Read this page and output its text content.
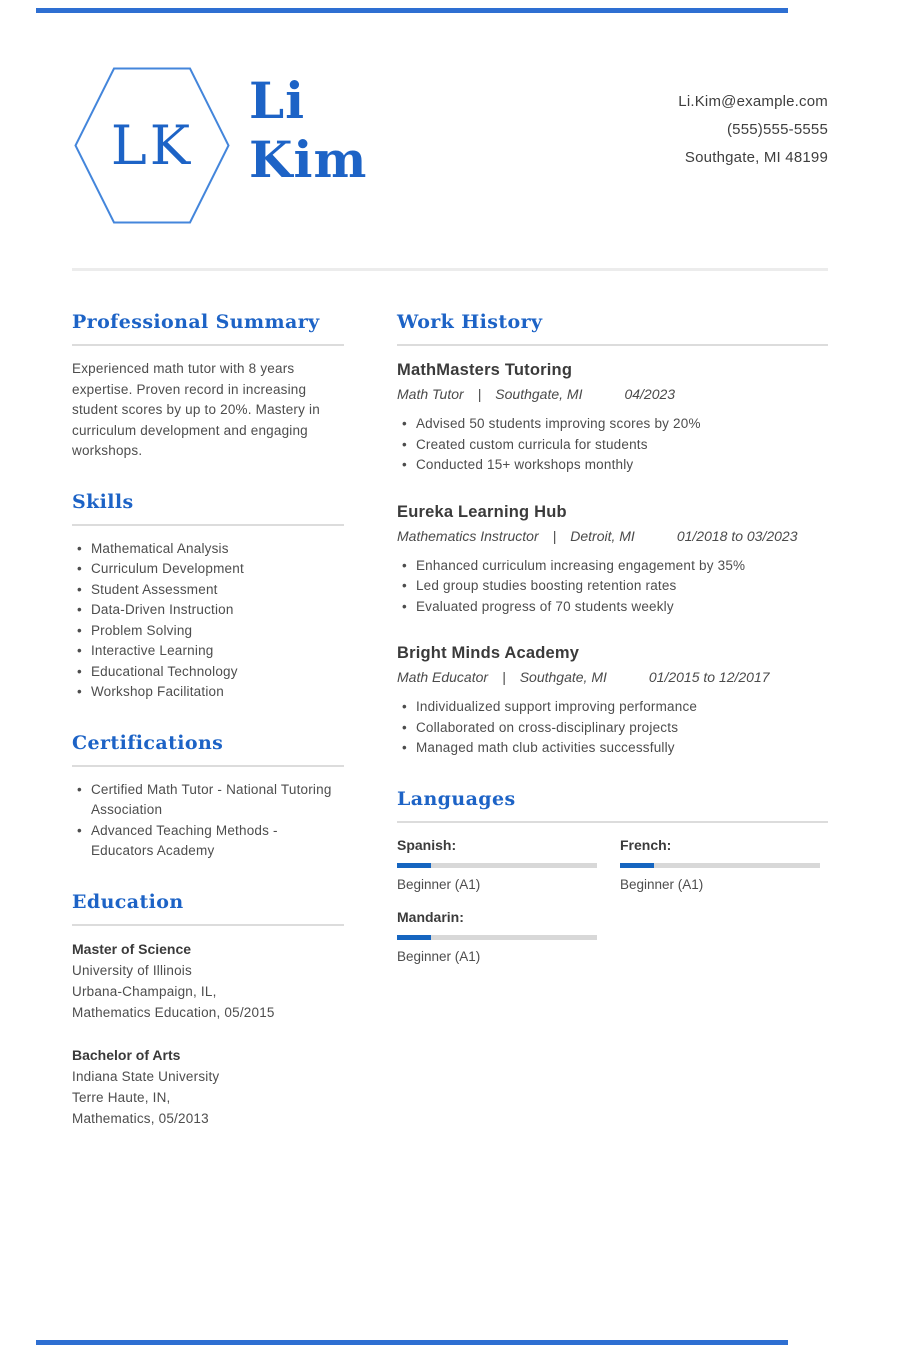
LK
Li
Kim
Li.Kim@example.com
(555)555-5555
Southgate, MI 48199
Professional Summary
Experienced math tutor with 8 years expertise. Proven record in increasing student scores by up to 20%. Mastery in curriculum development and engaging workshops.
Skills
• Mathematical Analysis
• Curriculum Development
• Student Assessment
• Data-Driven Instruction
• Problem Solving
• Interactive Learning
• Educational Technology
• Workshop Facilitation
Certifications
• Certified Math Tutor - National Tutoring Association
• Advanced Teaching Methods - Educators Academy
Education
Master of Science
University of Illinois
Urbana-Champaign, IL,
Mathematics Education, 05/2015
Bachelor of Arts
Indiana State University
Terre Haute, IN,
Mathematics, 05/2013
Work History
MathMasters Tutoring
Math Tutor | Southgate, MI	04/2023
• Advised 50 students improving scores by 20%
• Created custom curricula for students
• Conducted 15+ workshops monthly
Eureka Learning Hub
Mathematics Instructor | Detroit, MI	01/2018 to 03/2023
• Enhanced curriculum increasing engagement by 35%
• Led group studies boosting retention rates
• Evaluated progress of 70 students weekly
Bright Minds Academy
Math Educator | Southgate, MI	01/2015 to 12/2017
• Individualized support improving performance
• Collaborated on cross-disciplinary projects
• Managed math club activities successfully
Languages
Spanish:
Beginner (A1)
French:
Beginner (A1)
Mandarin:
Beginner (A1)
